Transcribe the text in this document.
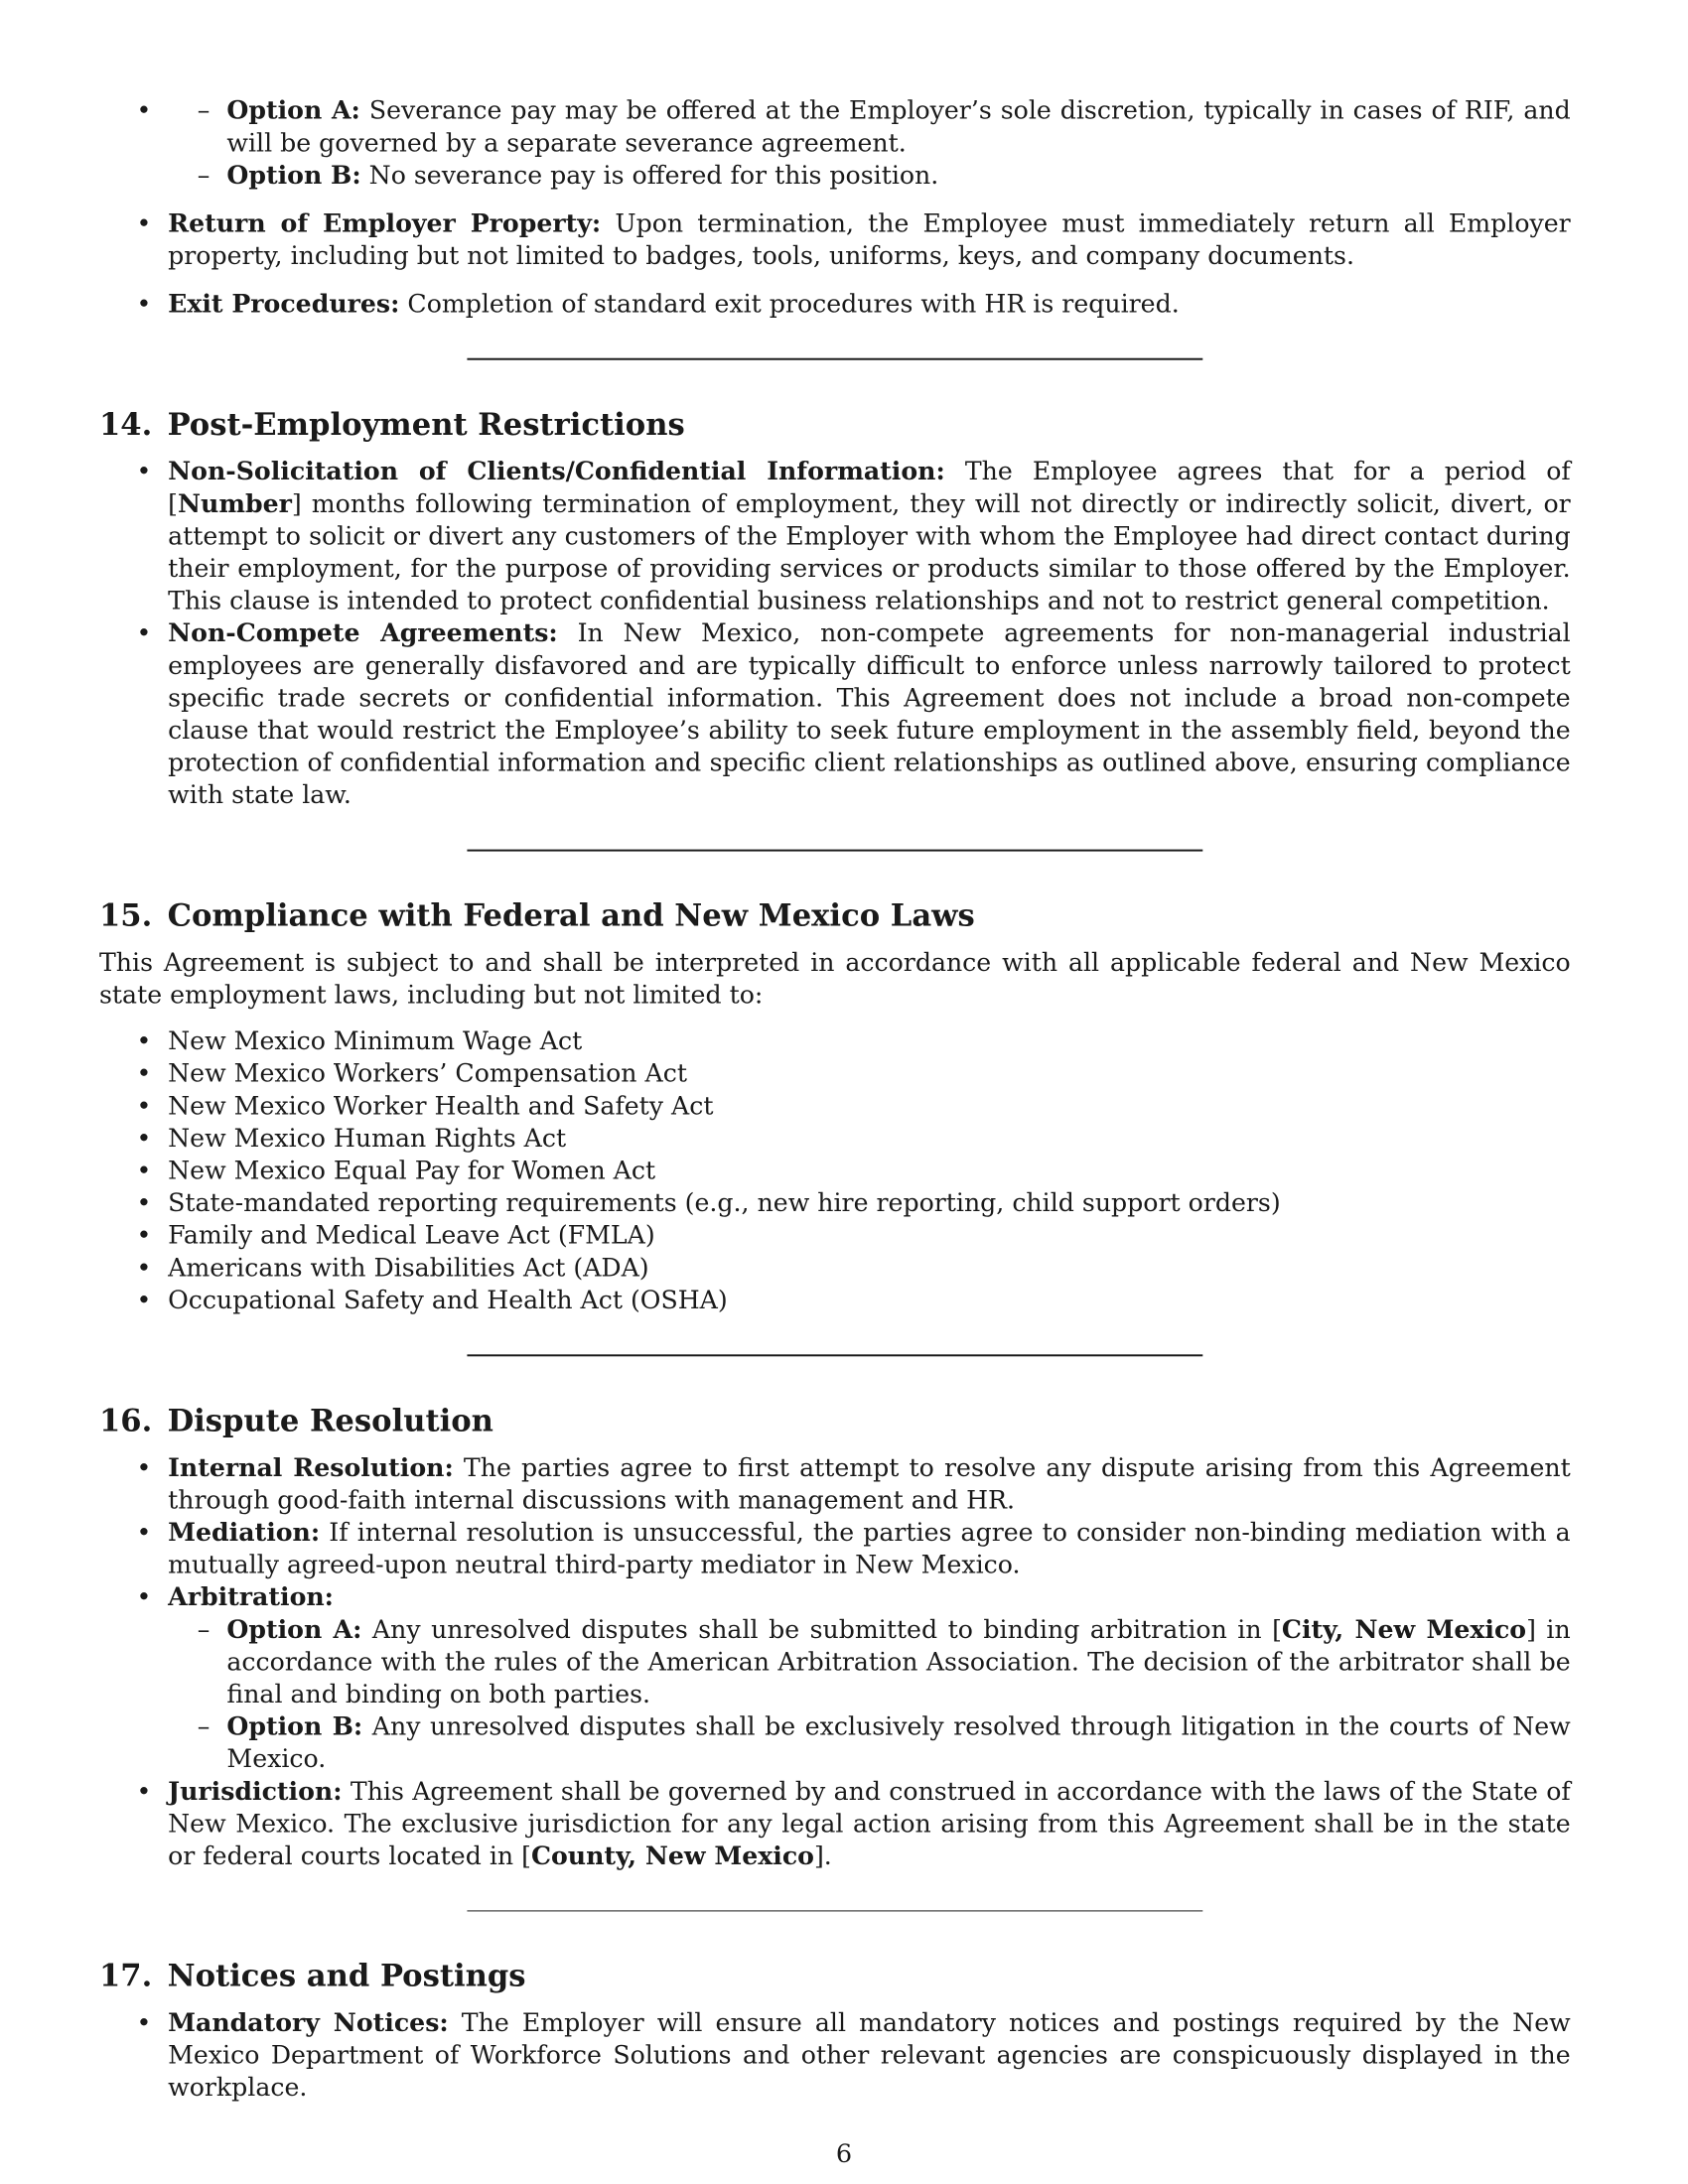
– • Option A: Severance pay may be offered at the Employer’s sole discretion, typically in cases of RIF, and will be governed by a separate severance agreement.
– Option B: No severance pay is offered for this position.
• Return of Employer Property: Upon termination, the Employee must immediately return all Employer property, including but not limited to badges, tools, uniforms, keys, and company documents.
• Exit Procedures: Completion of standard exit procedures with HR is required.
14. Post-Employment Restrictions
• Non-Solicitation of Clients/Confidential Information: The Employee agrees that for a period of [Number] months following termination of employment, they will not directly or indirectly solicit, divert, or attempt to solicit or divert any customers of the Employer with whom the Employee had direct contact during their employment, for the purpose of providing services or products similar to those offered by the Employer. This clause is intended to protect confidential business relationships and not to restrict general competition.
• Non-Compete Agreements: In New Mexico, non-compete agreements for non-managerial industrial employees are generally disfavored and are typically difficult to enforce unless narrowly tailored to protect specific trade secrets or confidential information. This Agreement does not include a broad non-compete clause that would restrict the Employee’s ability to seek future employment in the assembly field, beyond the protection of confidential information and specific client relationships as outlined above, ensuring compliance with state law.
15. Compliance with Federal and New Mexico Laws

This Agreement is subject to and shall be interpreted in accordance with all applicable federal and New Mexico state employment laws, including but not limited to:

• New Mexico Minimum Wage Act
• New Mexico Workers’ Compensation Act
• New Mexico Worker Health and Safety Act
• New Mexico Human Rights Act
• New Mexico Equal Pay for Women Act
• State-mandated reporting requirements (e.g., new hire reporting, child support orders)
• Family and Medical Leave Act (FMLA)
• Americans with Disabilities Act (ADA)
• Occupational Safety and Health Act (OSHA)
16. Dispute Resolution
• Internal Resolution: The parties agree to first attempt to resolve any dispute arising from this Agreement through good-faith internal discussions with management and HR.
• Mediation: If internal resolution is unsuccessful, the parties agree to consider non-binding mediation with a mutually agreed-upon neutral third-party mediator in New Mexico.
• Arbitration:
– Option A: Any unresolved disputes shall be submitted to binding arbitration in [City, New Mexico] in accordance with the rules of the American Arbitration Association. The decision of the arbitrator shall be final and binding on both parties.
– Option B: Any unresolved disputes shall be exclusively resolved through litigation in the courts of New Mexico.
• Jurisdiction: This Agreement shall be governed by and construed in accordance with the laws of the State of New Mexico. The exclusive jurisdiction for any legal action arising from this Agreement shall be in the state or federal courts located in [County, New Mexico].
17. Notices and Postings
• Mandatory Notices: The Employer will ensure all mandatory notices and postings required by the New Mexico Department of Workforce Solutions and other relevant agencies are conspicuously displayed in the workplace.
6
